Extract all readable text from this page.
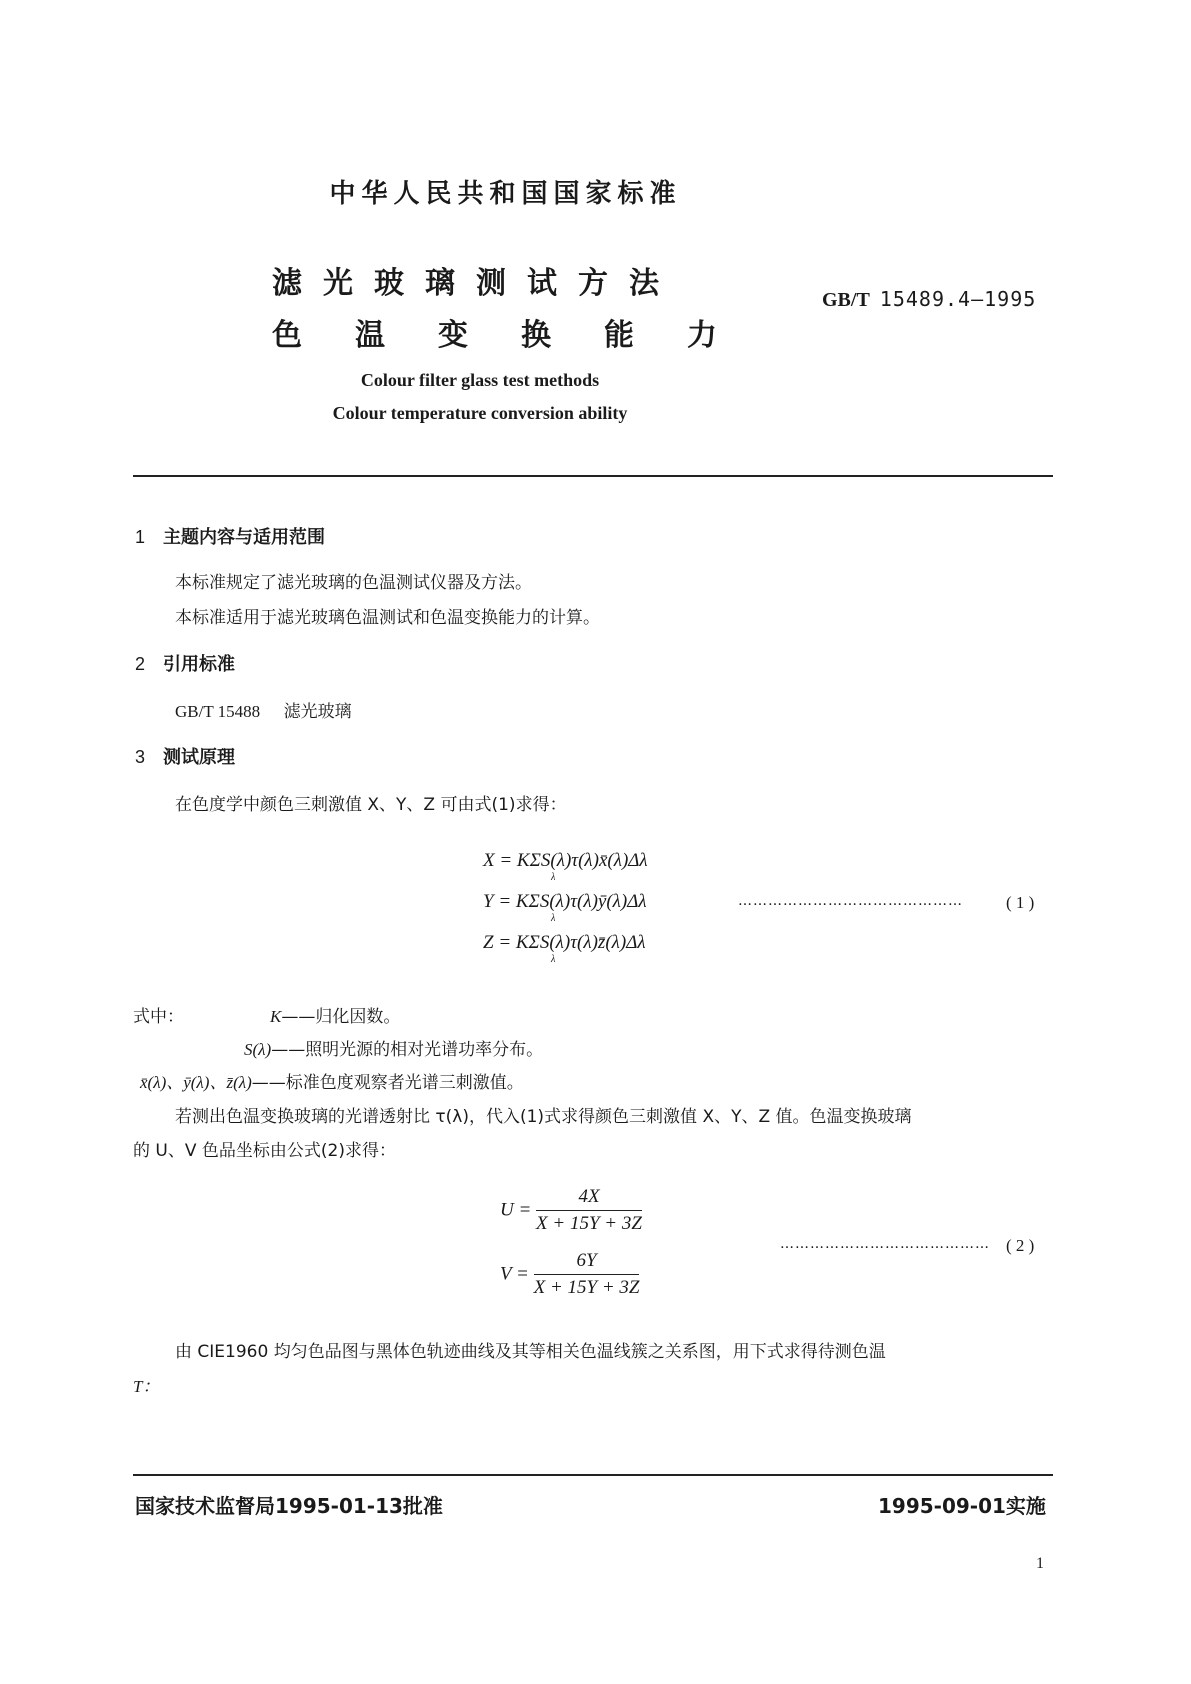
中华人民共和国国家标准
滤光玻璃测试方法
色温变换能力
GB/T 15489.4—1995
Colour filter glass test methods
Colour temperature conversion ability
1 主题内容与适用范围
本标准规定了滤光玻璃的色温测试仪器及方法。
本标准适用于滤光玻璃色温测试和色温变换能力的计算。
2 引用标准
GB/T 15488 滤光玻璃
3 测试原理
在色度学中颜色三刺激值 X、Y、Z 可由式(1)求得：
X = KΣS(λ)τ(λ)x̄(λ)Δλ
λ
Y = KΣS(λ)τ(λ)ȳ(λ)Δλ
λ
Z = KΣS(λ)τ(λ)z̄(λ)Δλ
λ
………………………………………	( 1 )
式中：	K——归化因数。
S(λ)——照明光源的相对光谱功率分布。
x̄(λ)、ȳ(λ)、z̄(λ)——标准色度观察者光谱三刺激值。
若测出色温变换玻璃的光谱透射比 τ(λ)，代入(1)式求得颜色三刺激值 X、Y、Z 值。色温变换玻璃
的 U、V 色品坐标由公式(2)求得：
$U = \frac{4X}{X + 15Y + 3Z}$
$V = \frac{6Y}{X + 15Y + 3Z}$
…………………………………… ( 2 )
由 CIE1960 均匀色品图与黑体色轨迹曲线及其等相关色温线簇之关系图，用下式求得待测色温
T：
国家技术监督局1995-01-13批准	1995-09-01实施
1
